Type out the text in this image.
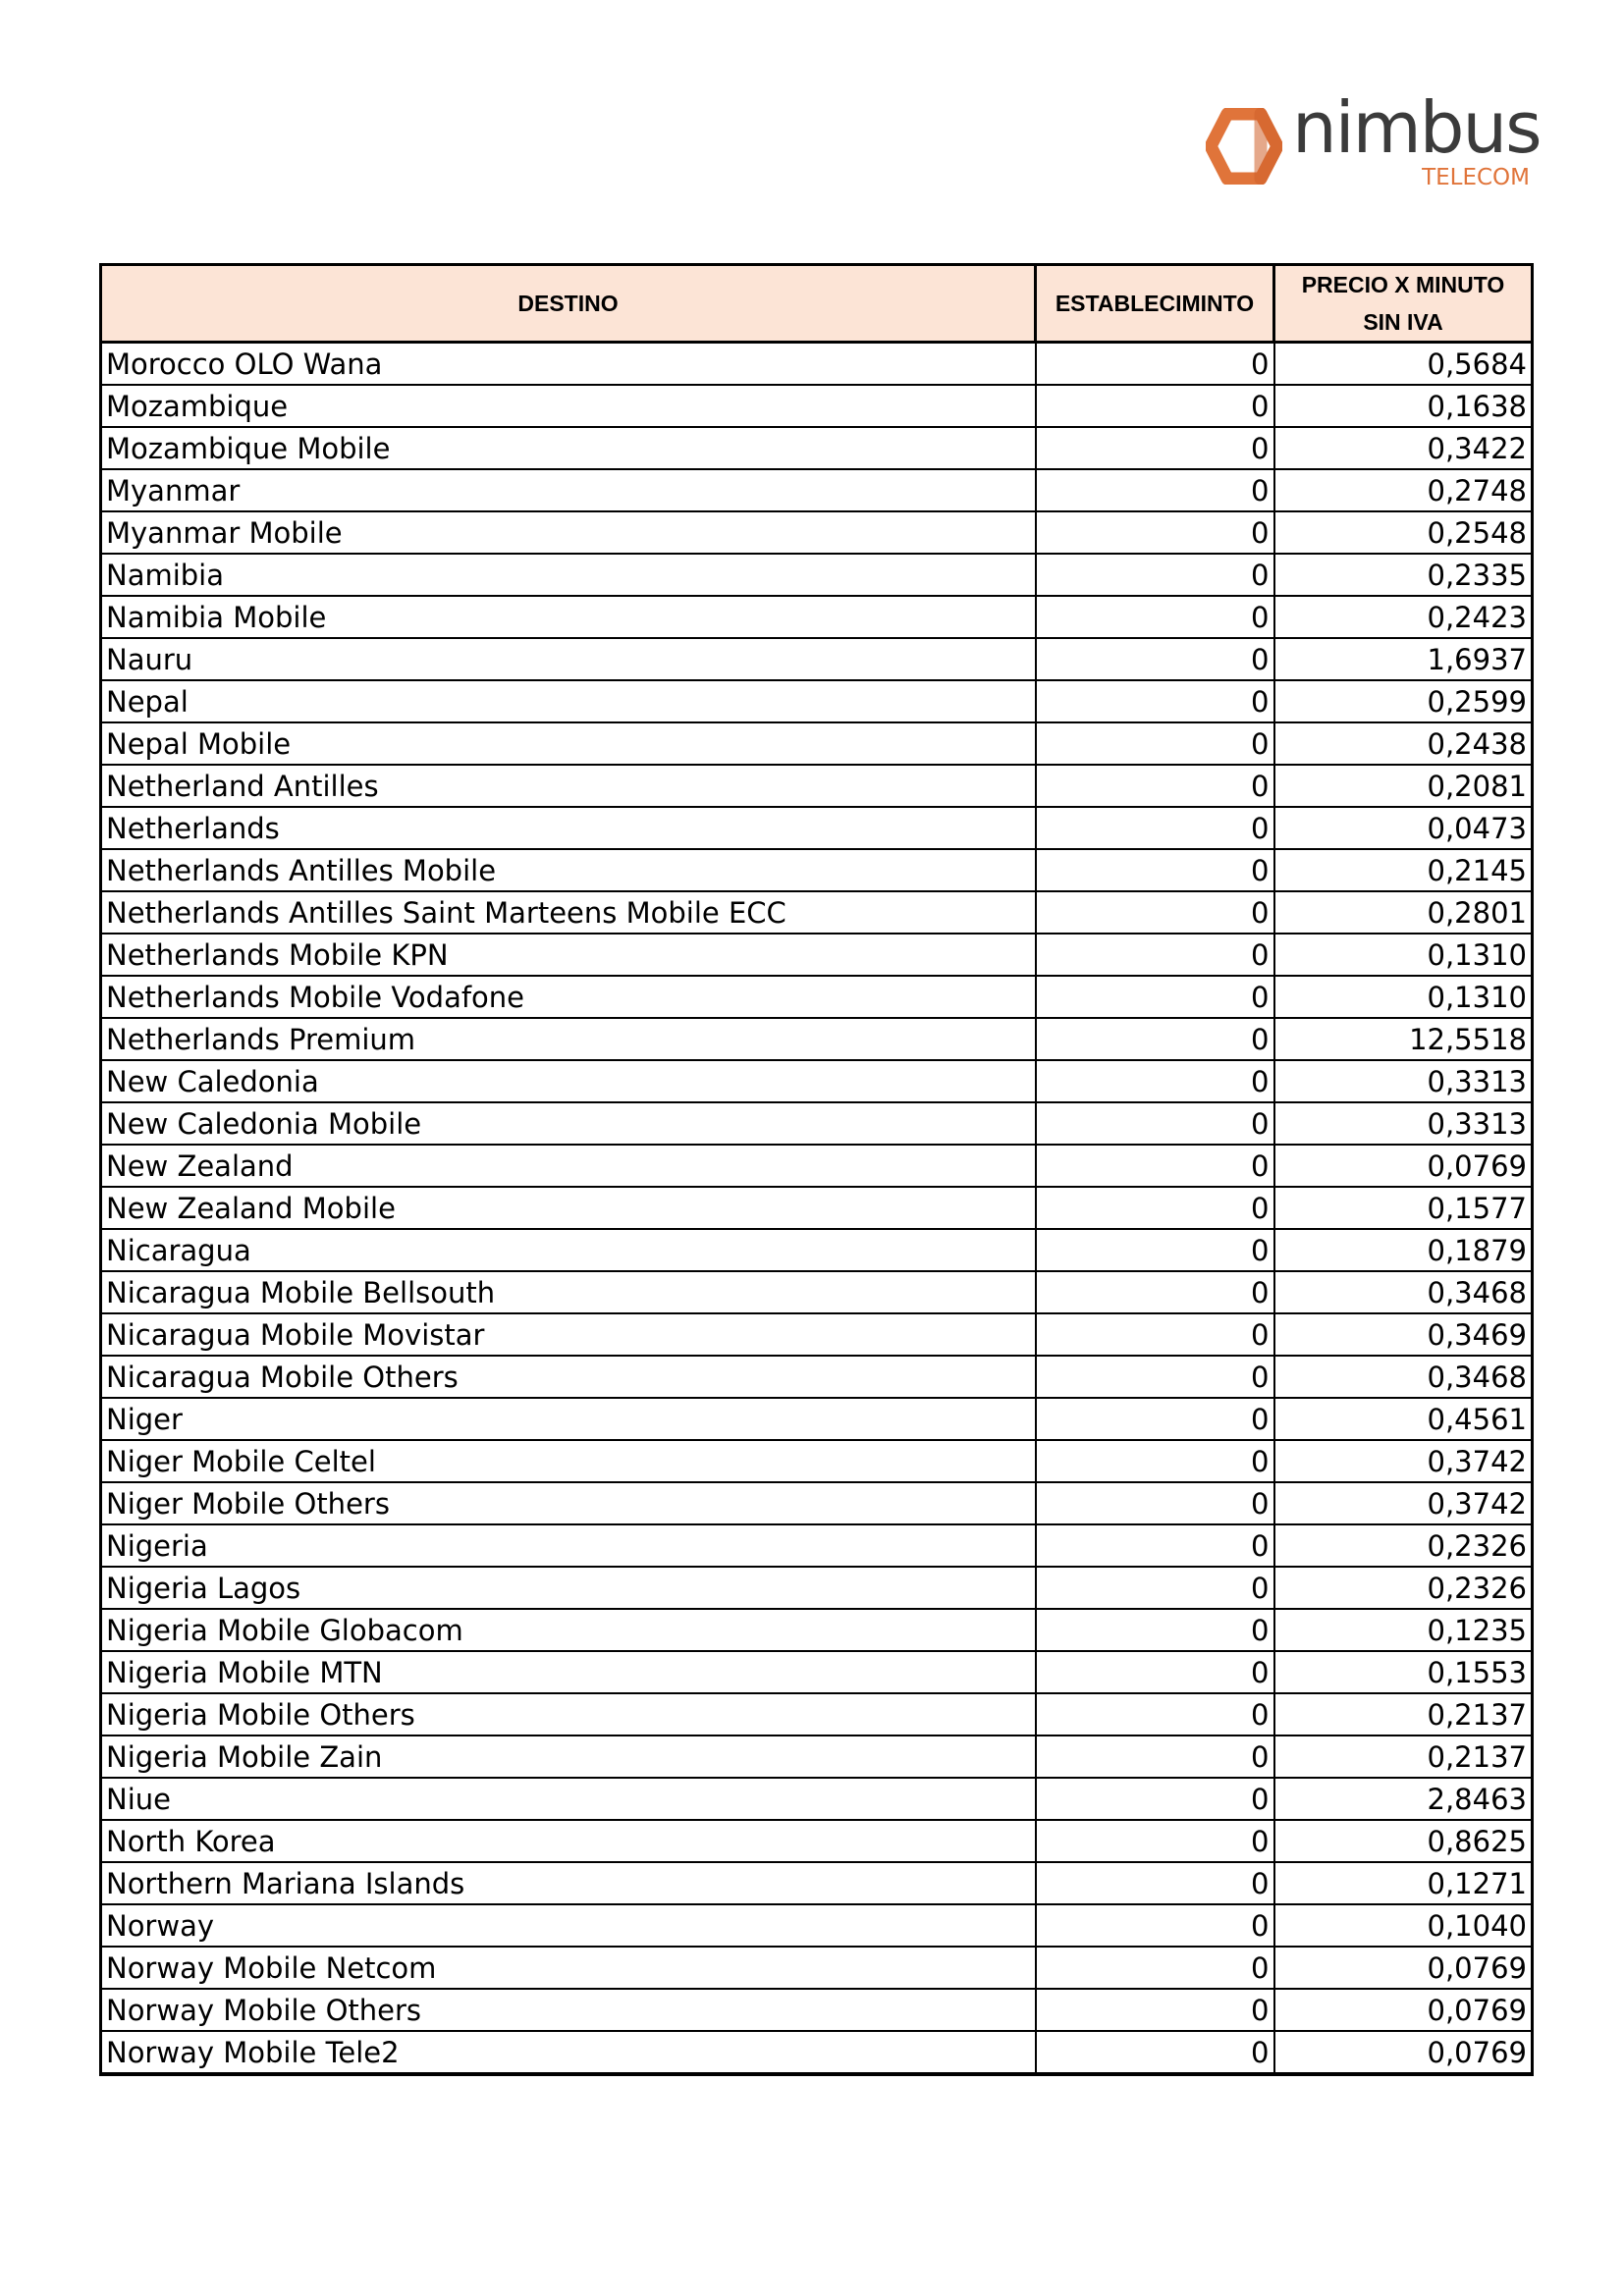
nimbus
TELECOM
DESTINO	ESTABLECIMINTO	PRECIO X MINUTO
SIN IVA
Morocco OLO Wana	0	0,5684
Mozambique	0	0,1638
Mozambique Mobile	0	0,3422
Myanmar	0	0,2748
Myanmar Mobile	0	0,2548
Namibia	0	0,2335
Namibia Mobile	0	0,2423
Nauru	0	1,6937
Nepal	0	0,2599
Nepal Mobile	0	0,2438
Netherland Antilles	0	0,2081
Netherlands	0	0,0473
Netherlands Antilles Mobile	0	0,2145
Netherlands Antilles Saint Marteens Mobile ECC	0	0,2801
Netherlands Mobile KPN	0	0,1310
Netherlands Mobile Vodafone	0	0,1310
Netherlands Premium	0	12,5518
New Caledonia	0	0,3313
New Caledonia Mobile	0	0,3313
New Zealand	0	0,0769
New Zealand Mobile	0	0,1577
Nicaragua	0	0,1879
Nicaragua Mobile Bellsouth	0	0,3468
Nicaragua Mobile Movistar	0	0,3469
Nicaragua Mobile Others	0	0,3468
Niger	0	0,4561
Niger Mobile Celtel	0	0,3742
Niger Mobile Others	0	0,3742
Nigeria	0	0,2326
Nigeria Lagos	0	0,2326
Nigeria Mobile Globacom	0	0,1235
Nigeria Mobile MTN	0	0,1553
Nigeria Mobile Others	0	0,2137
Nigeria Mobile Zain	0	0,2137
Niue	0	2,8463
North Korea	0	0,8625
Northern Mariana Islands	0	0,1271
Norway	0	0,1040
Norway Mobile Netcom	0	0,0769
Norway Mobile Others	0	0,0769
Norway Mobile Tele2	0	0,0769
